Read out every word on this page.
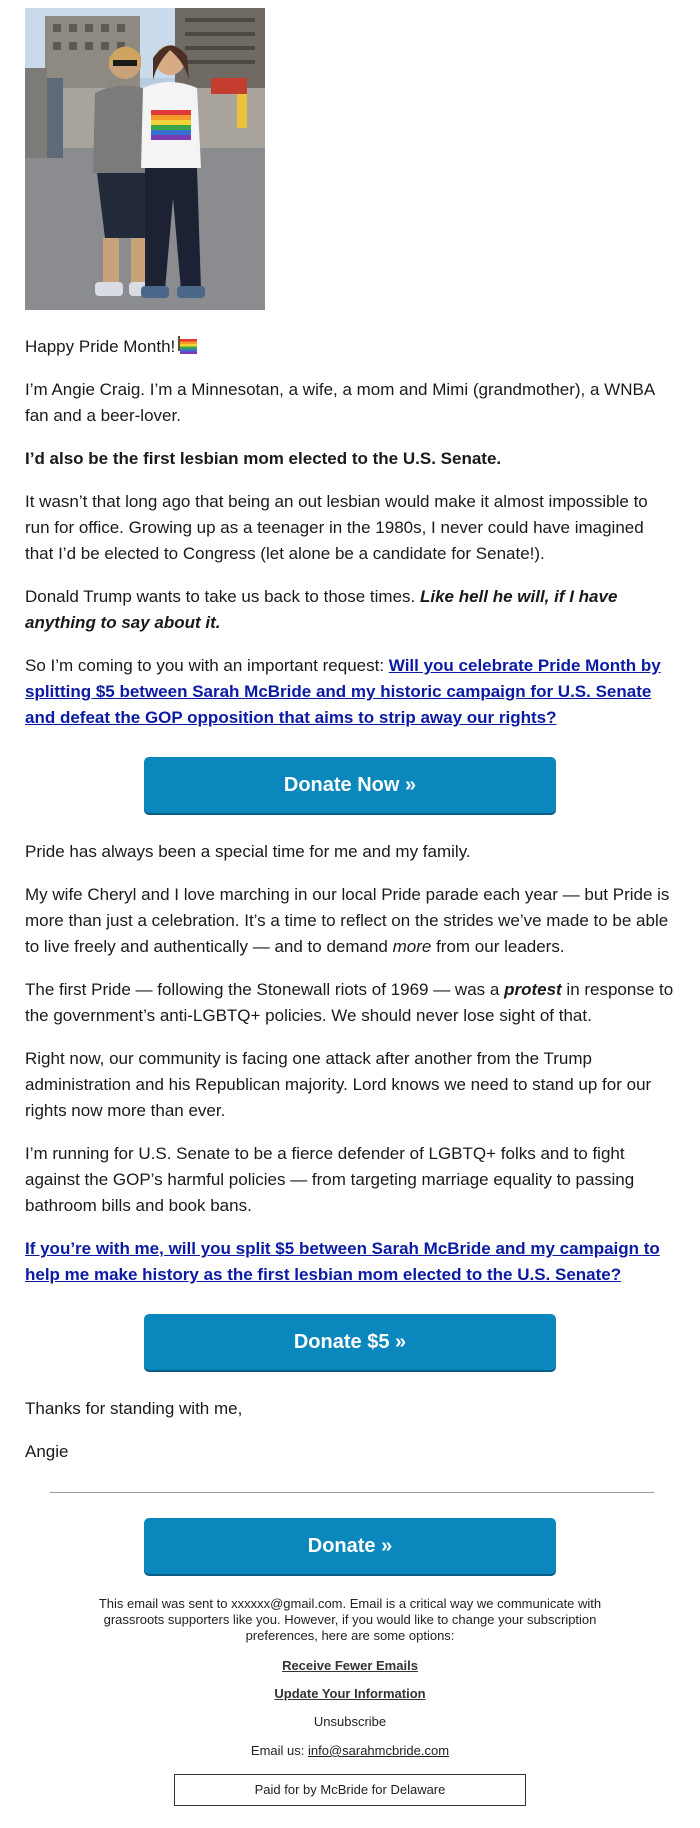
Happy Pride Month!

I’m Angie Craig. I’m a Minnesotan, a wife, a mom and Mimi (grandmother), a WNBA fan and a beer-lover.

I’d also be the first lesbian mom elected to the U.S. Senate.

It wasn’t that long ago that being an out lesbian would make it almost impossible to run for office. Growing up as a teenager in the 1980s, I never could have imagined that I’d be elected to Congress (let alone be a candidate for Senate!).

Donald Trump wants to take us back to those times. Like hell he will, if I have anything to say about it.

So I’m coming to you with an important request: Will you celebrate Pride Month by splitting $5 between Sarah McBride and my historic campaign for U.S. Senate and defeat the GOP opposition that aims to strip away our rights?

Donate Now »

Pride has always been a special time for me and my family.

My wife Cheryl and I love marching in our local Pride parade each year — but Pride is more than just a celebration. It’s a time to reflect on the strides we’ve made to be able to live freely and authentically — and to demand more from our leaders.

The first Pride — following the Stonewall riots of 1969 — was a protest in response to the government’s anti-LGBTQ+ policies. We should never lose sight of that.

Right now, our community is facing one attack after another from the Trump administration and his Republican majority. Lord knows we need to stand up for our rights now more than ever.

I’m running for U.S. Senate to be a fierce defender of LGBTQ+ folks and to fight against the GOP’s harmful policies — from targeting marriage equality to passing bathroom bills and book bans.

If you’re with me, will you split $5 between Sarah McBride and my campaign to help me make history as the first lesbian mom elected to the U.S. Senate?

Donate $5 »

Thanks for standing with me,

Angie

Donate »

This email was sent to xxxxxx@gmail.com. Email is a critical way we communicate with grassroots supporters like you. However, if you would like to change your subscription preferences, here are some options:

Receive Fewer Emails
Update Your Information
Unsubscribe

Email us: info@sarahmcbride.com

Paid for by McBride for Delaware
